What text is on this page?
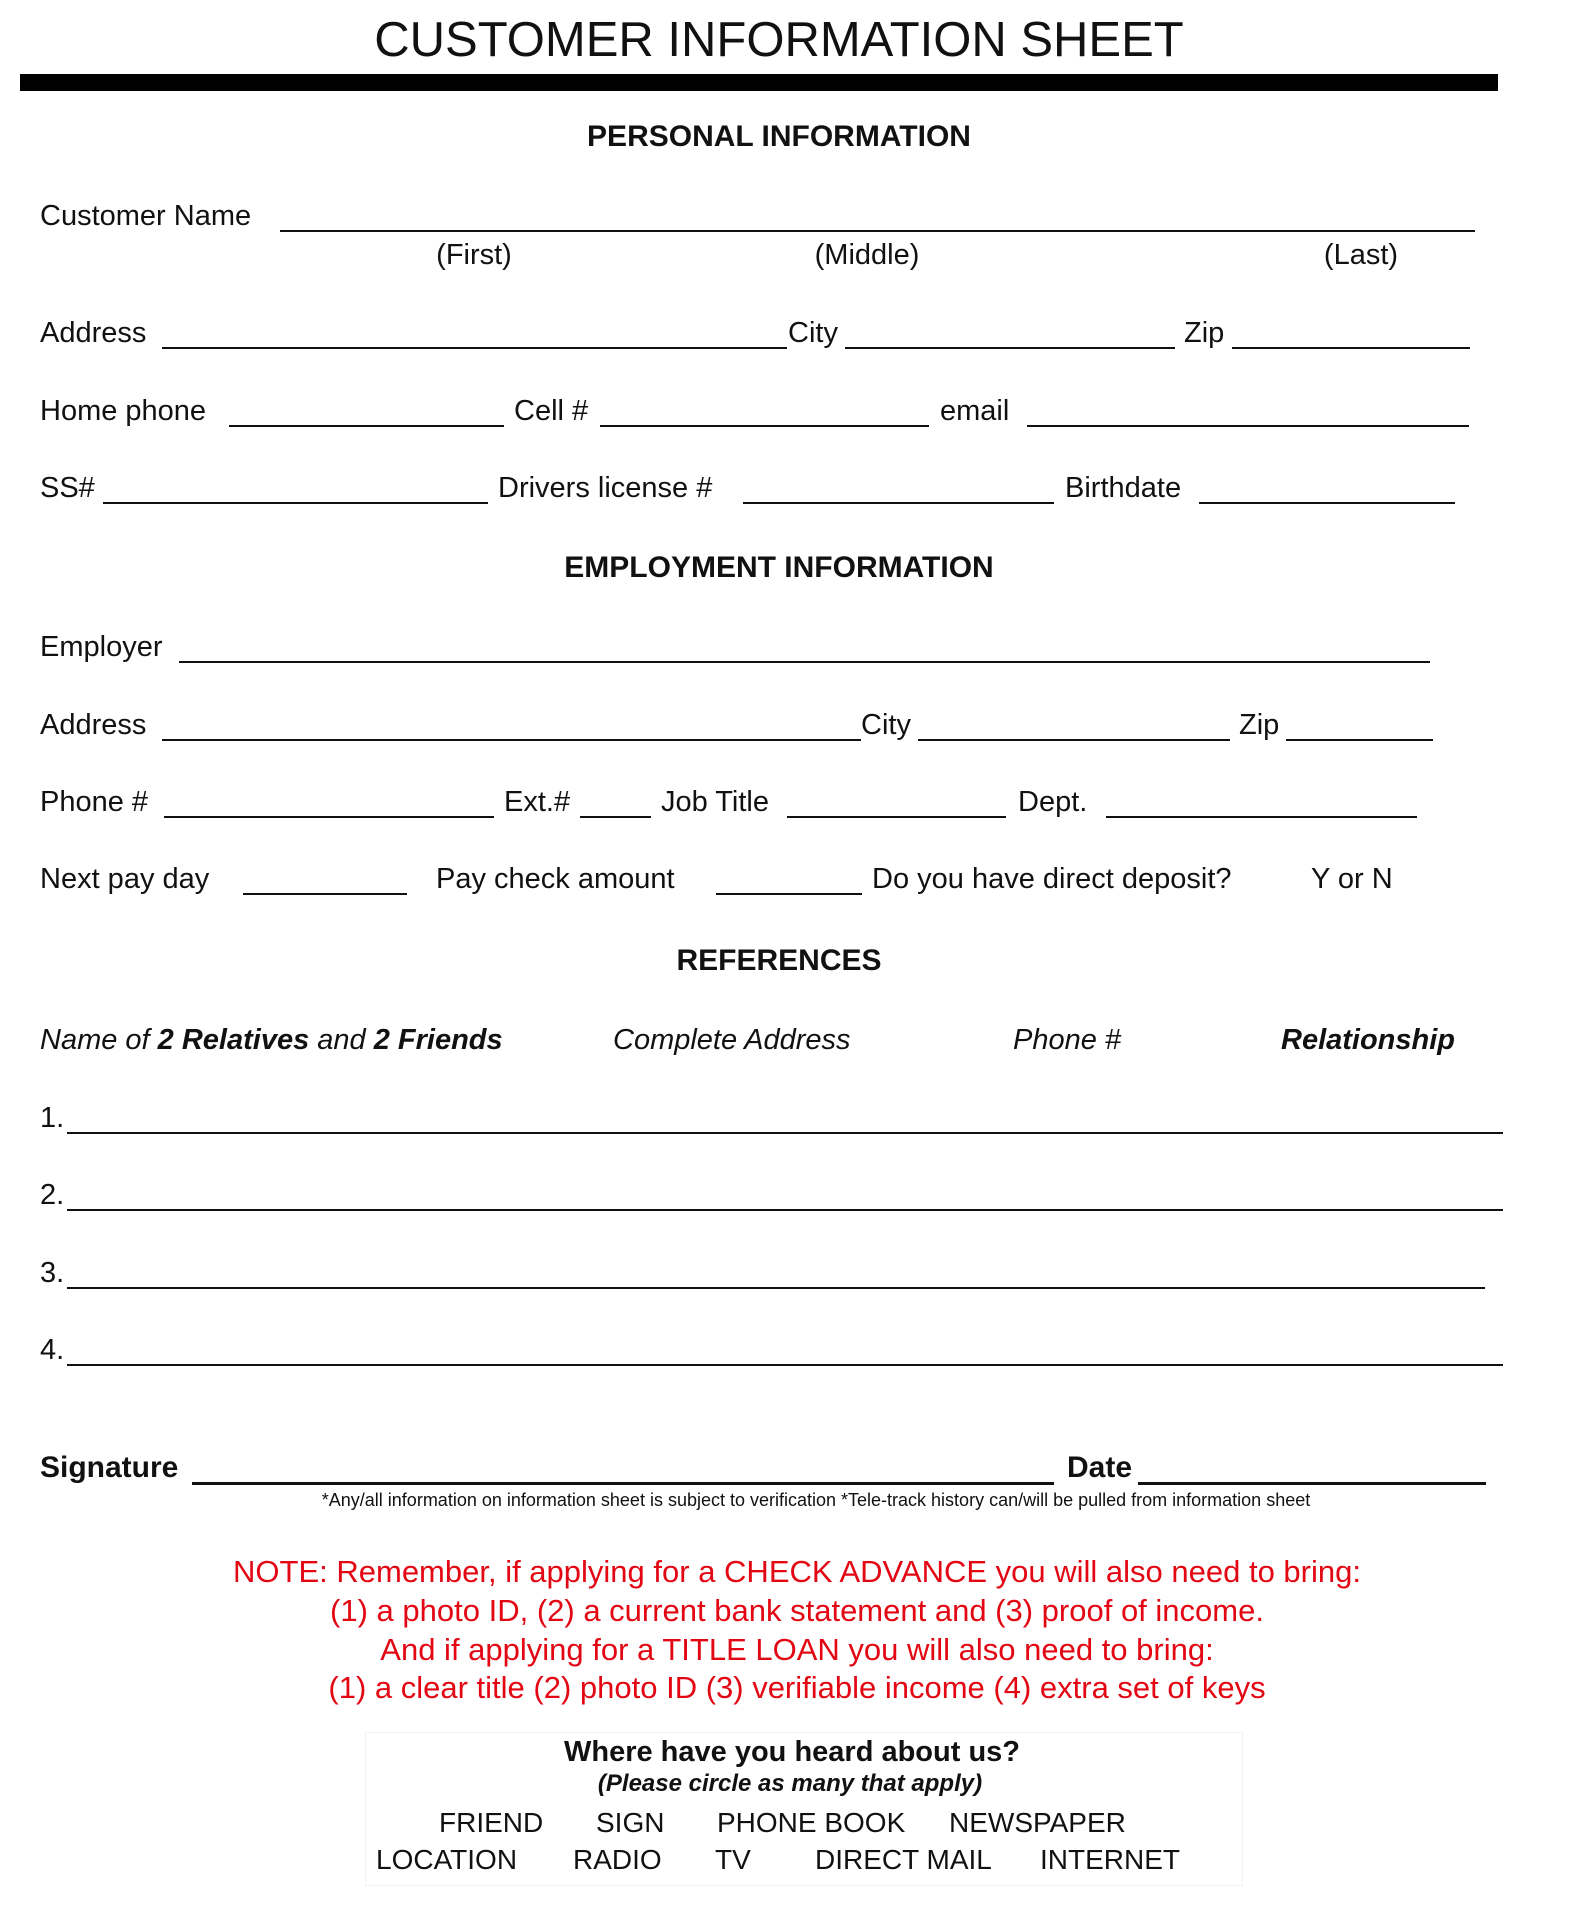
CUSTOMER INFORMATION SHEET
PERSONAL INFORMATION
Customer Name
(First)	(Middle)	(Last)
Address	City	Zip
Home phone	Cell #	email
SS#	Drivers license #	Birthdate
EMPLOYMENT INFORMATION
Employer
Address	City	Zip
Phone #	Ext.#	Job Title	Dept.
Next pay day	Pay check amount	Do you have direct deposit?	Y or N
REFERENCES
Name of 2 Relatives and 2 Friends	Complete Address	Phone #	Relationship
1.
2.
3.
4.
Signature	Date
*Any/all information on information sheet is subject to verification *Tele-track history can/will be pulled from information sheet
NOTE: Remember, if applying for a CHECK ADVANCE you will also need to bring:
(1) a photo ID, (2) a current bank statement and (3) proof of income.
And if applying for a TITLE LOAN you will also need to bring:
(1) a clear title (2) photo ID (3) verifiable income (4) extra set of keys
Where have you heard about us?
(Please circle as many that apply)
FRIEND SIGN PHONE BOOK NEWSPAPER
LOCATION RADIO TV DIRECT MAIL INTERNET
